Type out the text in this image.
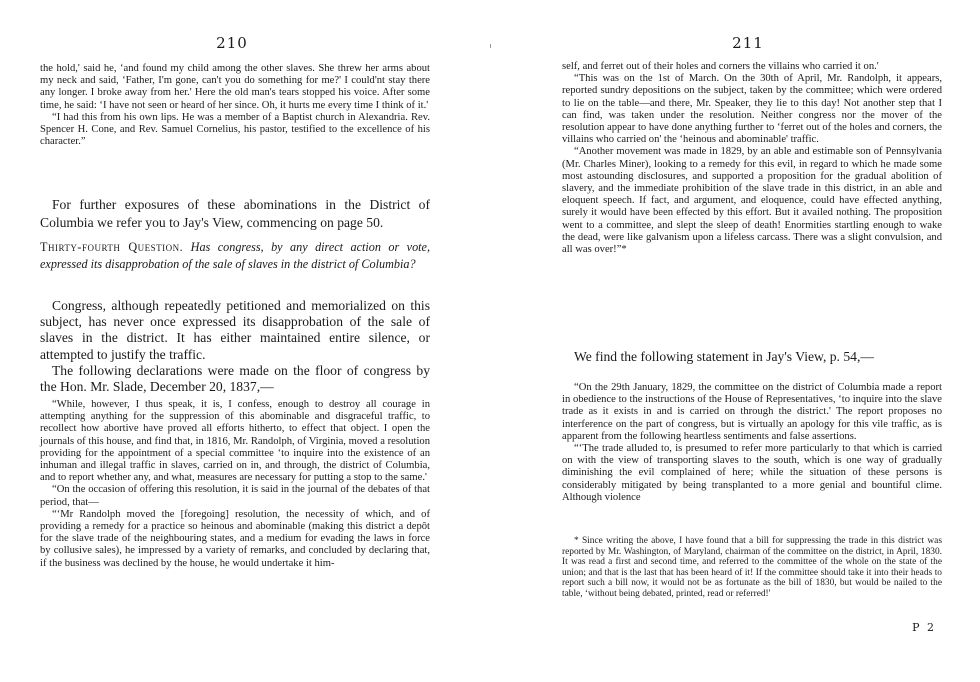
210

the hold,' said he, ‘and found my child among the other slaves. She threw her arms about my neck and said, ‘Father, I'm gone, can't you do something for me?' I could'nt stay there any longer. I broke away from her.' Here the old man's tears stopped his voice. After some time, he said: ‘I have not seen or heard of her since. Oh, it hurts me every time I think of it.'

“I had this from his own lips. He was a member of a Baptist church in Alexandria. Rev. Spencer H. Cone, and Rev. Samuel Cornelius, his pastor, testified to the excellence of his character.”

For further exposures of these abominations in the District of Columbia we refer you to Jay's View, commencing on page 50.

Thirty-fourth Question. Has congress, by any direct action or vote, expressed its disapprobation of the sale of slaves in the district of Columbia?

Congress, although repeatedly petitioned and memorialized on this subject, has never once expressed its disapprobation of the sale of slaves in the district. It has either maintained entire silence, or attempted to justify the traffic.

The following declarations were made on the floor of congress by the Hon. Mr. Slade, December 20, 1837,—

“While, however, I thus speak, it is, I confess, enough to destroy all courage in attempting anything for the suppression of this abominable and disgraceful traffic, to recollect how abortive have proved all efforts hitherto, to effect that object. I open the journals of this house, and find that, in 1816, Mr. Randolph, of Virginia, moved a resolution providing for the appointment of a special committee ‘to inquire into the existence of an inhuman and illegal traffic in slaves, carried on in, and through, the district of Columbia, and to report whether any, and what, measures are necessary for putting a stop to the same.'

“On the occasion of offering this resolution, it is said in the journal of the debates of that period, that—

“‘Mr Randolph moved the [foregoing] resolution, the necessity of which, and of providing a remedy for a practice so heinous and abominable (making this district a depôt for the slave trade of the neighbouring states, and a medium for evading the laws in force by collusive sales), he impressed by a variety of remarks, and concluded by declaring that, if the business was declined by the house, he would undertake it him-

211

self, and ferret out of their holes and corners the villains who carried it on.'

“This was on the 1st of March. On the 30th of April, Mr. Randolph, it appears, reported sundry depositions on the subject, taken by the committee; which were ordered to lie on the table—and there, Mr. Speaker, they lie to this day! Not another step that I can find, was taken under the resolution. Neither congress nor the mover of the resolution appear to have done anything further to ‘ferret out of the holes and corners, the villains who carried on' the ‘heinous and abominable' traffic.

“Another movement was made in 1829, by an able and estimable son of Pennsylvania (Mr. Charles Miner), looking to a remedy for this evil, in regard to which he made some most astounding disclosures, and supported a proposition for the gradual abolition of slavery, and the immediate prohibition of the slave trade in this district, in an able and eloquent speech. If fact, and argument, and eloquence, could have effected anything, surely it would have been effected by this effort. But it availed nothing. The proposition went to a committee, and slept the sleep of death! Enormities startling enough to wake the dead, were like galvanism upon a lifeless carcass. There was a slight convulsion, and all was over!”*

We find the following statement in Jay's View, p. 54,—

“On the 29th January, 1829, the committee on the district of Columbia made a report in obedience to the instructions of the House of Representatives, ‘to inquire into the slave trade as it exists in and is carried on through the district.' The report proposes no interference on the part of congress, but is virtually an apology for this vile traffic, as is apparent from the following heartless sentiments and false assertions.

“‘The trade alluded to, is presumed to refer more particularly to that which is carried on with the view of transporting slaves to the south, which is one way of gradually diminishing the evil complained of here; while the situation of these persons is considerably mitigated by being transplanted to a more genial and bountiful clime. Although violence

* Since writing the above, I have found that a bill for suppressing the trade in this district was reported by Mr. Washington, of Maryland, chairman of the committee on the district, in April, 1830. It was read a first and second time, and referred to the committee of the whole on the state of the union; and that is the last that has been heard of it! If the committee should take it into their heads to report such a bill now, it would not be as fortunate as the bill of 1830, but would be nailed to the table, ‘without being debated, printed, read or referred!'

P 2
